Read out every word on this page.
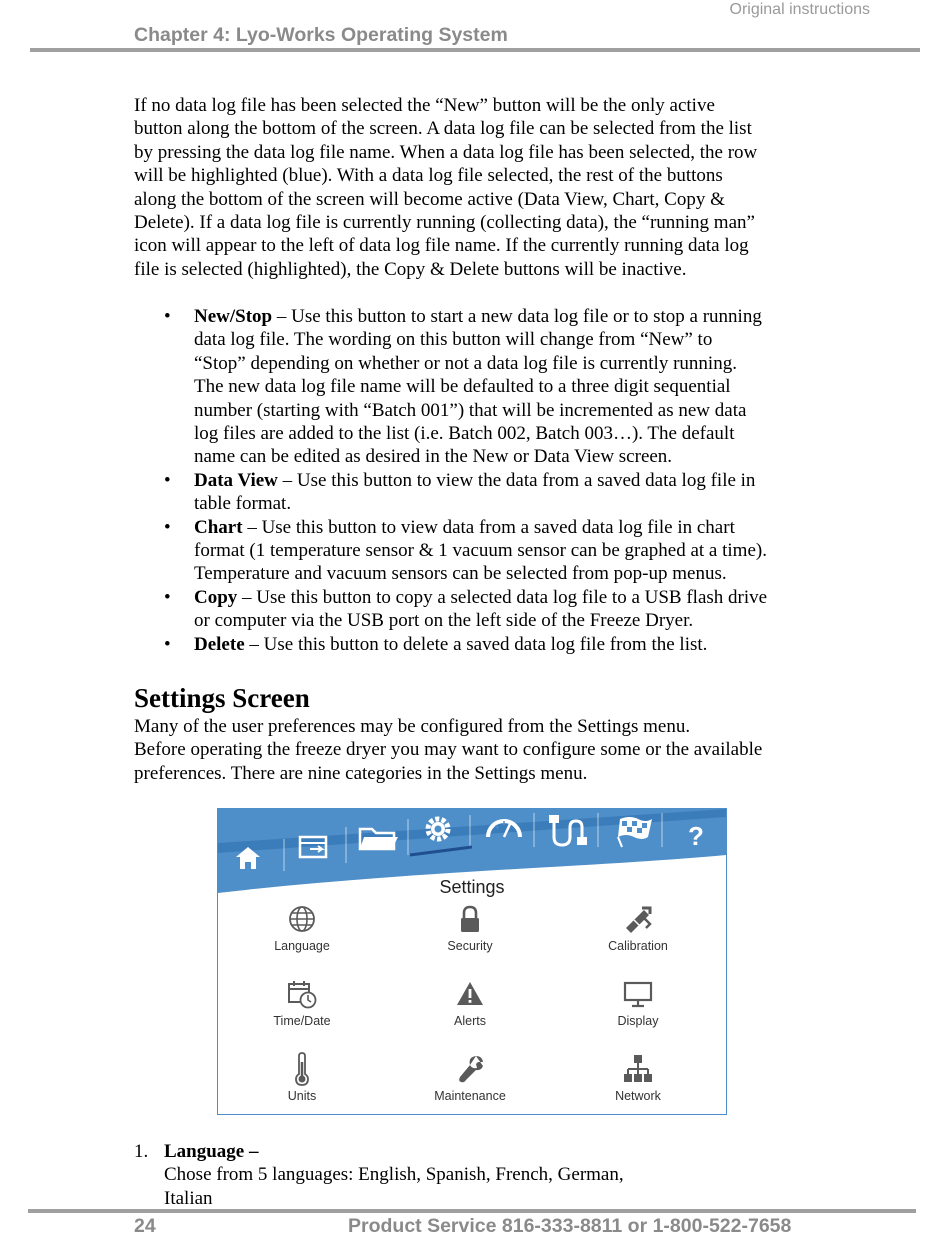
Original instructions
Chapter 4: Lyo-Works Operating System
If no data log file has been selected the “New” button will be the only active
button along the bottom of the screen. A data log file can be selected from the list
by pressing the data log file name. When a data log file has been selected, the row
will be highlighted (blue). With a data log file selected, the rest of the buttons
along the bottom of the screen will become active (Data View, Chart, Copy &
Delete). If a data log file is currently running (collecting data), the “running man”
icon will appear to the left of data log file name. If the currently running data log
file is selected (highlighted), the Copy & Delete buttons will be inactive.
• New/Stop – Use this button to start a new data log file or to stop a running
data log file. The wording on this button will change from “New” to
“Stop” depending on whether or not a data log file is currently running.
The new data log file name will be defaulted to a three digit sequential
number (starting with “Batch 001”) that will be incremented as new data
log files are added to the list (i.e. Batch 002, Batch 003…). The default
name can be edited as desired in the New or Data View screen.
• Data View – Use this button to view the data from a saved data log file in
table format.
• Chart – Use this button to view data from a saved data log file in chart
format (1 temperature sensor & 1 vacuum sensor can be graphed at a time).
Temperature and vacuum sensors can be selected from pop-up menus.
• Copy – Use this button to copy a selected data log file to a USB flash drive
or computer via the USB port on the left side of the Freeze Dryer.
• Delete – Use this button to delete a saved data log file from the list.
Settings Screen
Many of the user preferences may be configured from the Settings menu.
Before operating the freeze dryer you may want to configure some or the available
preferences. There are nine categories in the Settings menu.
?
Settings
Language	Security	Calibration
Time/Date	Alerts	Display
Units	Maintenance	Network
1. Language –
Chose from 5 languages: English, Spanish, French, German,
Italian
24	Product Service 816-333-8811 or 1-800-522-7658
